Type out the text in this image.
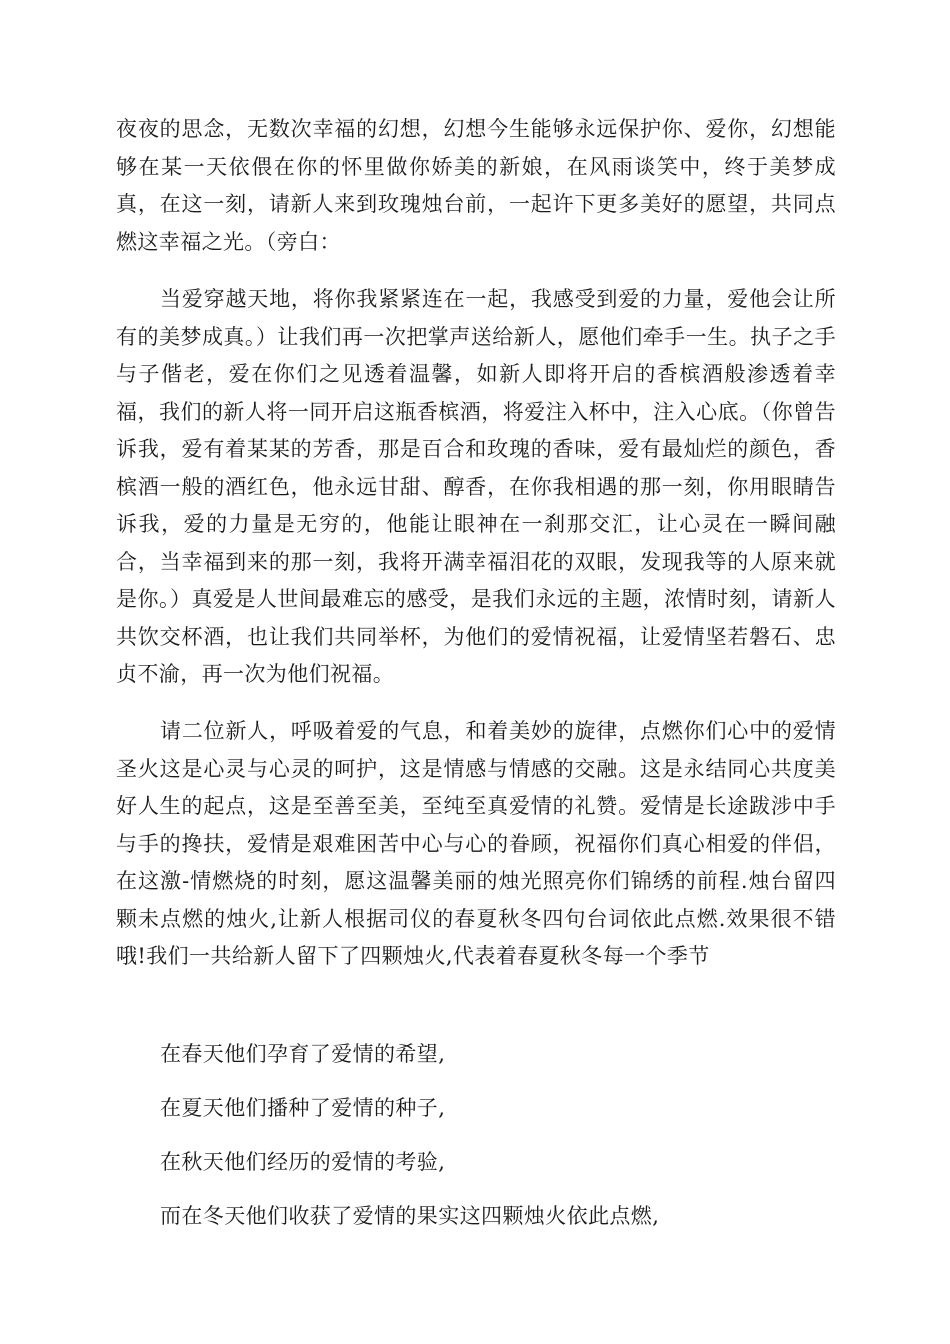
夜夜的思念，无数次幸福的幻想，幻想今生能够永远保护你、爱你，幻想能够在某一天依偎在你的怀里做你娇美的新娘，在风雨谈笑中，终于美梦成真，在这一刻，请新人来到玫瑰烛台前，一起许下更多美好的愿望，共同点燃这幸福之光。（旁白：

当爱穿越天地，将你我紧紧连在一起，我感受到爱的力量，爱他会让所有的美梦成真。）让我们再一次把掌声送给新人，愿他们牵手一生。执子之手与子偕老，爱在你们之见透着温馨，如新人即将开启的香槟酒般渗透着幸福，我们的新人将一同开启这瓶香槟酒，将爱注入杯中，注入心底。（你曾告诉我，爱有着某某的芳香，那是百合和玫瑰的香味，爱有最灿烂的颜色，香槟酒一般的酒红色，他永远甘甜、醇香，在你我相遇的那一刻，你用眼睛告诉我，爱的力量是无穷的，他能让眼神在一刹那交汇，让心灵在一瞬间融合，当幸福到来的那一刻，我将开满幸福泪花的双眼，发现我等的人原来就是你。）真爱是人世间最难忘的感受，是我们永远的主题，浓情时刻，请新人共饮交杯酒，也让我们共同举杯，为他们的爱情祝福，让爱情坚若磐石、忠贞不渝，再一次为他们祝福。

请二位新人，呼吸着爱的气息，和着美妙的旋律，点燃你们心中的爱情圣火这是心灵与心灵的呵护，这是情感与情感的交融。这是永结同心共度美好人生的起点，这是至善至美，至纯至真爱情的礼赞。爱情是长途跋涉中手与手的搀扶，爱情是艰难困苦中心与心的眷顾，祝福你们真心相爱的伴侣，在这激-情燃烧的时刻，愿这温馨美丽的烛光照亮你们锦绣的前程.烛台留四颗未点燃的烛火,让新人根据司仪的春夏秋冬四句台词依此点燃.效果很不错哦!我们一共给新人留下了四颗烛火,代表着春夏秋冬每一个季节

在春天他们孕育了爱情的希望,

在夏天他们播种了爱情的种子,

在秋天他们经历的爱情的考验,

而在冬天他们收获了爱情的果实这四颗烛火依此点燃,
